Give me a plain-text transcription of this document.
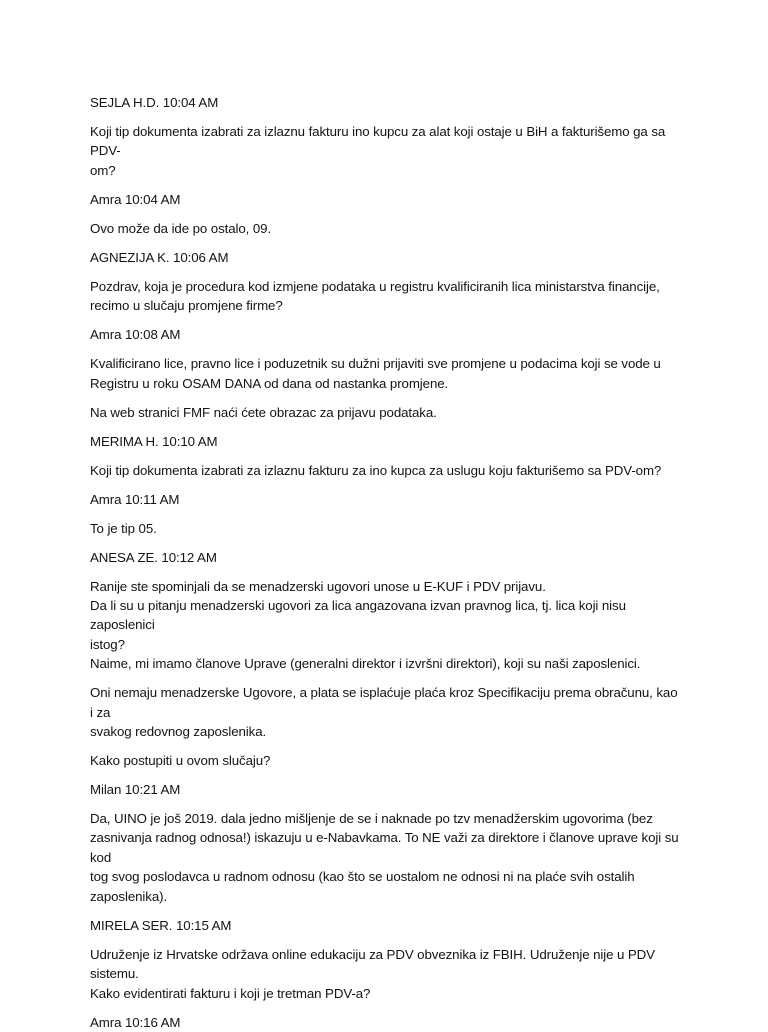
SEJLA H.D. 10:04 AM

Koji tip dokumenta izabrati za izlaznu fakturu ino kupcu za alat koji ostaje u BiH a fakturišemo ga sa PDV-
om?

Amra 10:04 AM

Ovo može da ide po ostalo, 09.

AGNEZIJA K. 10:06 AM

Pozdrav, koja je procedura kod izmjene podataka u registru kvalificiranih lica ministarstva financije,
recimo u slučaju promjene firme?

Amra 10:08 AM

Kvalificirano lice, pravno lice i poduzetnik su dužni prijaviti sve promjene u podacima koji se vode u
Registru u roku OSAM DANA od dana od nastanka promjene.

Na web stranici FMF naći ćete obrazac za prijavu podataka.

MERIMA H. 10:10 AM

Koji tip dokumenta izabrati za izlaznu fakturu za ino kupca za uslugu koju fakturišemo sa PDV-om?

Amra 10:11 AM

To je tip 05.

ANESA ZE. 10:12 AM

Ranije ste spominjali da se menadzerski ugovori unose u E-KUF i PDV prijavu.
Da li su u pitanju menadzerski ugovori za lica angazovana izvan pravnog lica, tj. lica koji nisu zaposlenici
istog?
Naime, mi imamo članove Uprave (generalni direktor i izvršni direktori), koji su naši zaposlenici.

Oni nemaju menadzerske Ugovore, a plata se isplaćuje plaća kroz Specifikaciju prema obračunu, kao i za
svakog redovnog zaposlenika.

Kako postupiti u ovom slučaju?

Milan 10:21 AM

Da, UINO je još 2019. dala jedno mišljenje de se i naknade po tzv menadžerskim ugovorima (bez
zasnivanja radnog odnosa!) iskazuju u e-Nabavkama. To NE važi za direktore i članove uprave koji su kod
tog svog poslodavca u radnom odnosu (kao što se uostalom ne odnosi ni na plaće svih ostalih
zaposlenika).

MIRELA SER. 10:15 AM

Udruženje iz Hrvatske održava online edukaciju za PDV obveznika iz FBIH. Udruženje nije u PDV sistemu.
Kako evidentirati fakturu i koji je tretman PDV-a?

Amra 10:16 AM
